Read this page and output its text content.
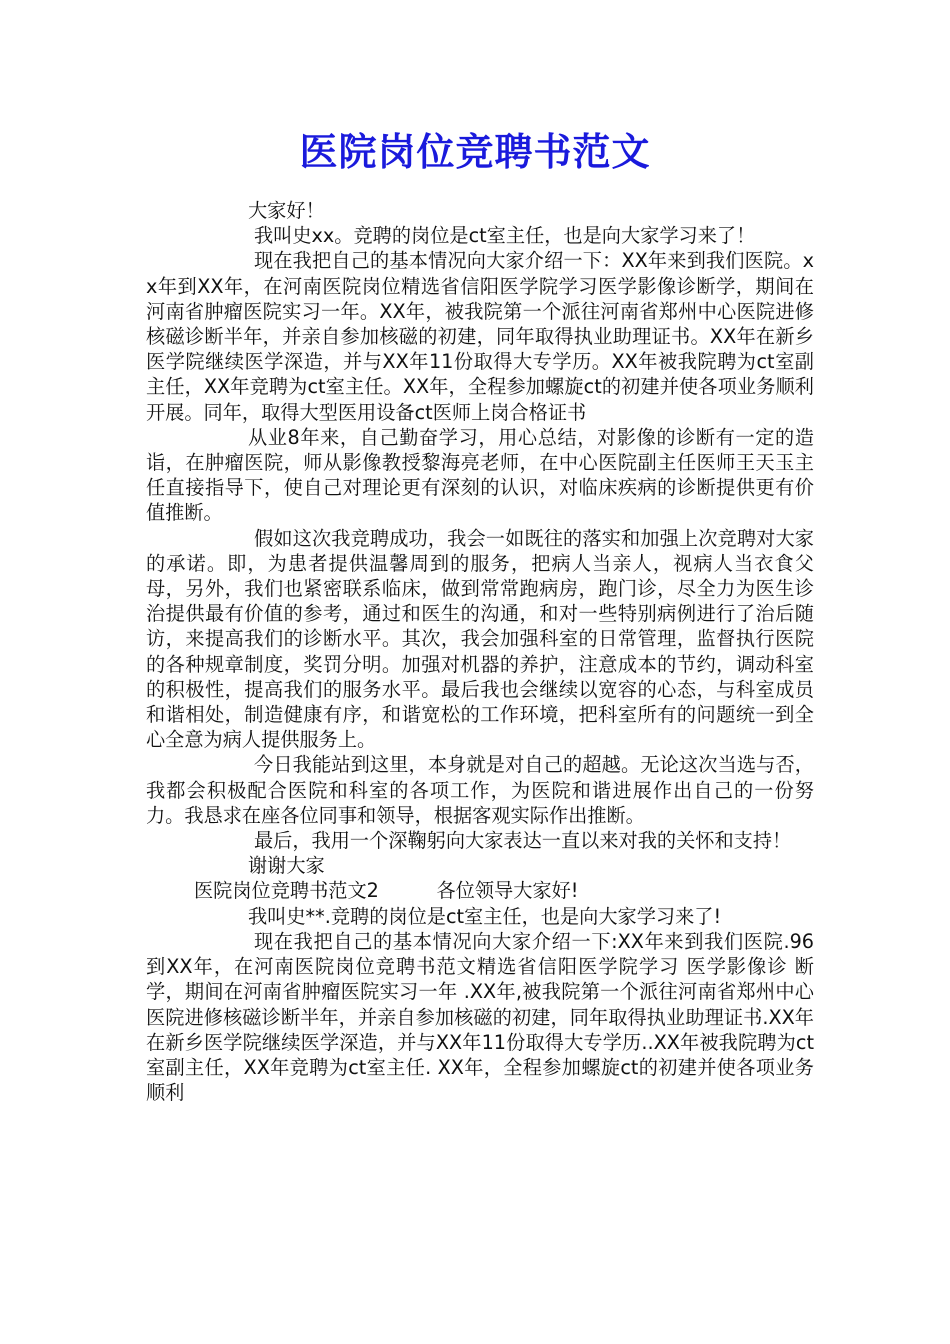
医院岗位竞聘书范文

大家好！

我叫史xx。竞聘的岗位是ct室主任，也是向大家学习来了！

现在我把自己的基本情况向大家介绍一下：XX年来到我们医院。xx年到XX年，在河南医院岗位精选省信阳医学院学习医学影像诊断学，期间在河南省肿瘤医院实习一年。XX年，被我院第一个派往河南省郑州中心医院进修核磁诊断半年，并亲自参加核磁的初建，同年取得执业助理证书。XX年在新乡医学院继续医学深造，并与XX年11份取得大专学历。XX年被我院聘为ct室副主任，XX年竞聘为ct室主任。XX年，全程参加螺旋ct的初建并使各项业务顺利开展。同年，取得大型医用设备ct医师上岗合格证书

从业8年来，自己勤奋学习，用心总结，对影像的诊断有一定的造诣，在肿瘤医院，师从影像教授黎海亮老师，在中心医院副主任医师王天玉主任直接指导下，使自己对理论更有深刻的认识，对临床疾病的诊断提供更有价值推断。

假如这次我竞聘成功，我会一如既往的落实和加强上次竞聘对大家的承诺。即，为患者提供温馨周到的服务，把病人当亲人，视病人当衣食父母，另外，我们也紧密联系临床，做到常常跑病房，跑门诊，尽全力为医生诊治提供最有价值的参考，通过和医生的沟通，和对一些特别病例进行了治后随访，来提高我们的诊断水平。其次，我会加强科室的日常管理，监督执行医院的各种规章制度，奖罚分明。加强对机器的养护，注意成本的节约，调动科室的积极性，提高我们的服务水平。最后我也会继续以宽容的心态，与科室成员和谐相处，制造健康有序，和谐宽松的工作环境，把科室所有的问题统一到全心全意为病人提供服务上。

今日我能站到这里，本身就是对自己的超越。无论这次当选与否，我都会积极配合医院和科室的各项工作，为医院和谐进展作出自己的一份努力。我恳求在座各位同事和领导，根据客观实际作出推断。

最后，我用一个深鞠躬向大家表达一直以来对我的关怀和支持！

谢谢大家

医院岗位竞聘书范文2　　　各位领导大家好!

我叫史**.竞聘的岗位是ct室主任，也是向大家学习来了!

现在我把自己的基本情况向大家介绍一下:XX年来到我们医院.96到XX年，在河南医院岗位竞聘书范文精选省信阳医学院学习 医学影像诊 断学，期间在河南省肿瘤医院实习一年 .XX年,被我院第一个派往河南省郑州中心医院进修核磁诊断半年，并亲自参加核磁的初建，同年取得执业助理证书.XX年在新乡医学院继续医学深造，并与XX年11份取得大专学历..XX年被我院聘为ct室副主任，XX年竞聘为ct室主任. XX年，全程参加螺旋ct的初建并使各项业务顺利
